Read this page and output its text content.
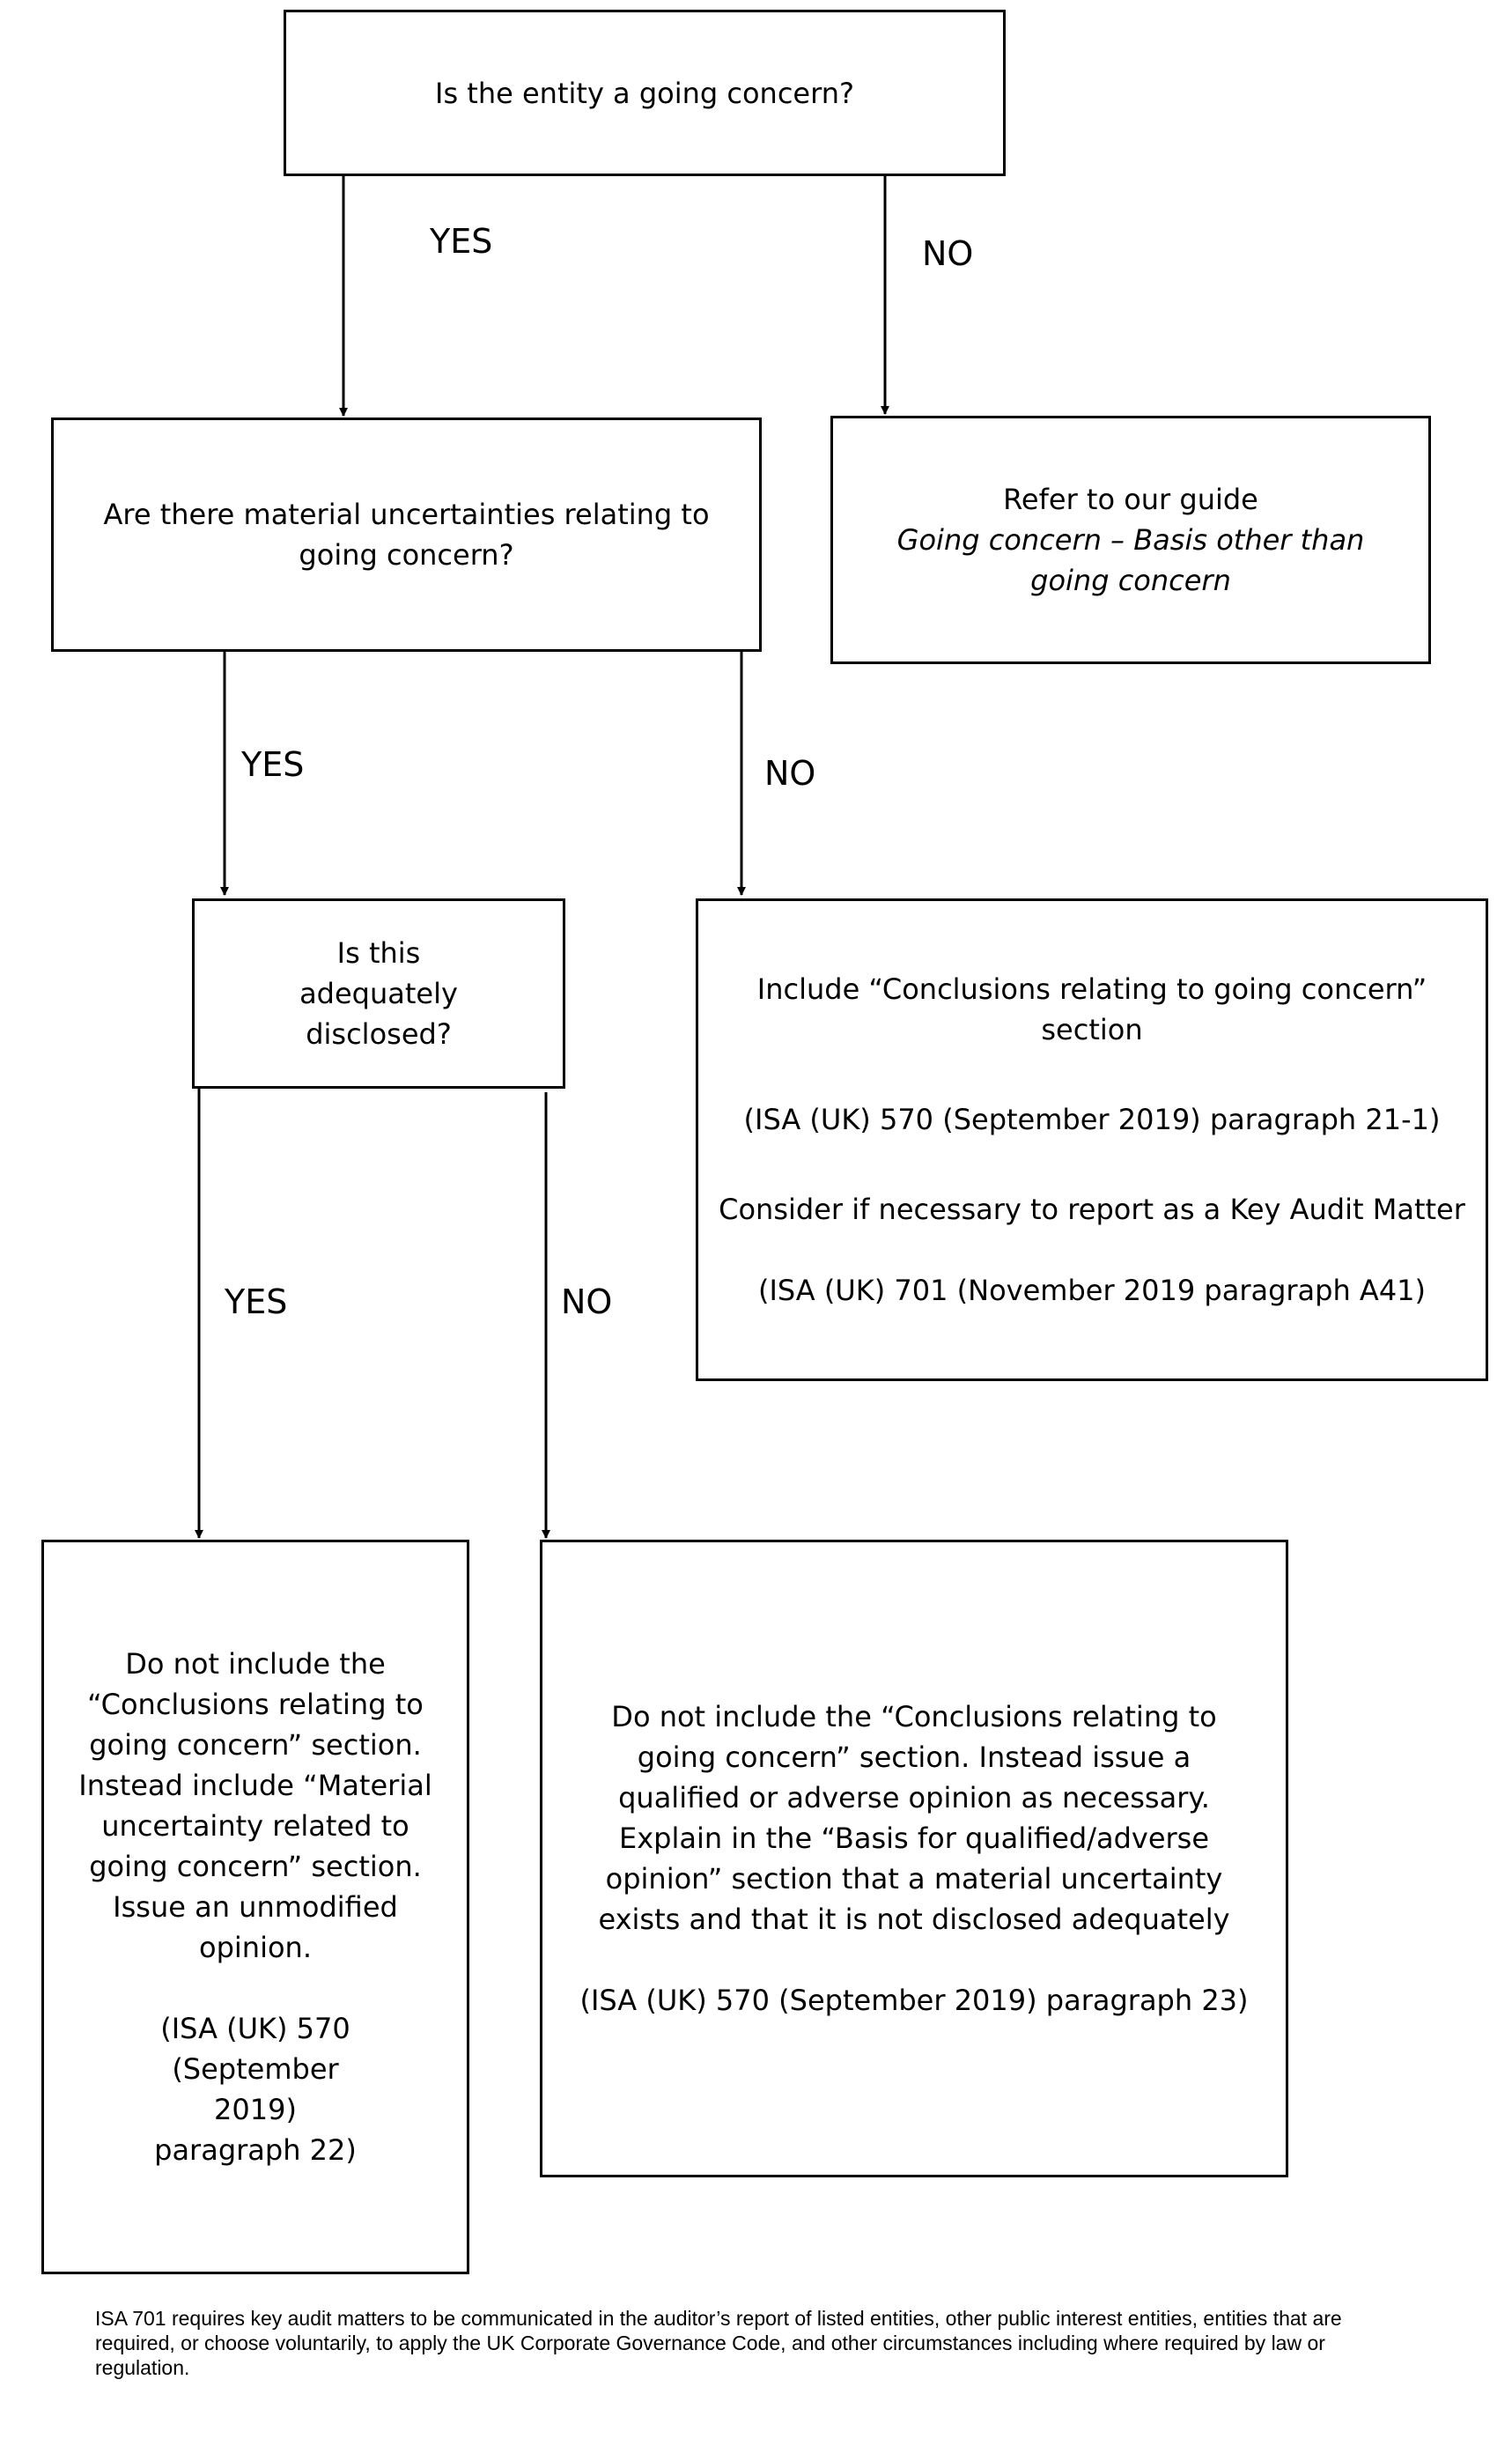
Is the entity a going concern?

Are there material uncertainties relating to going concern?

Refer to our guide

Going concern – Basis other than going concern

Is this adequately disclosed?

Include “Conclusions relating to going concern” section

(ISA (UK) 570 (September 2019) paragraph 21-1)

Consider if necessary to report as a Key Audit Matter

(ISA (UK) 701 (November 2019 paragraph A41)

Do not include the “Conclusions relating to going concern” section.

Instead include “Material uncertainty related to going concern” section.

Issue an unmodified opinion.

(ISA (UK) 570 (September 2019) paragraph 22)

Do not include the “Conclusions relating to going concern” section. Instead issue a qualified or adverse opinion as necessary. Explain in the “Basis for qualified/adverse opinion” section that a material uncertainty exists and that it is not disclosed adequately

(ISA (UK) 570 (September 2019) paragraph 23)

YES	NO
YES	NO
YES	NO
ISA 701 requires key audit matters to be communicated in the auditor’s report of listed entities, other public interest entities, entities that are required, or choose voluntarily, to apply the UK Corporate Governance Code, and other circumstances including where required by law or regulation.
